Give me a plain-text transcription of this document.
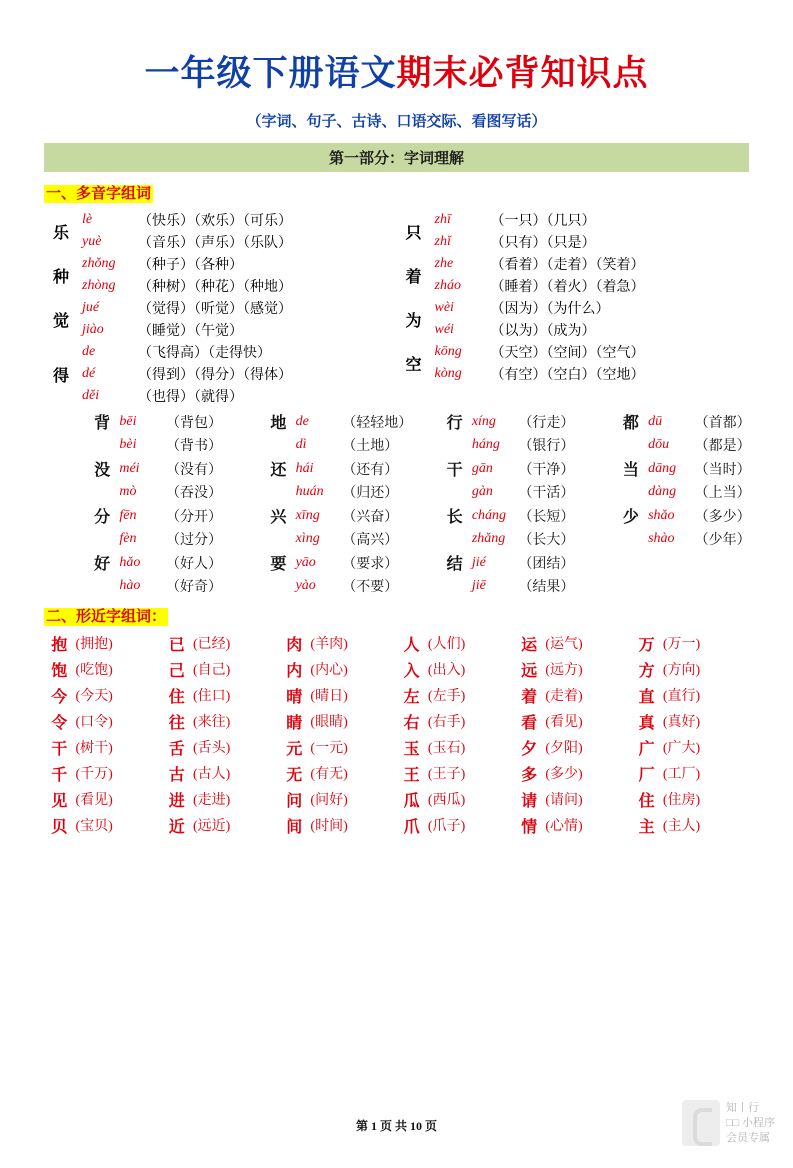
一年级下册语文期末必背知识点
（字词、句子、古诗、口语交际、看图写话）
第一部分：字词理解
一、多音字组词
乐	lè	（快乐）（欢乐）（可乐）
	yuè	（音乐）（声乐）（乐队）
种	zhǒng	（种子）（各种）
	zhòng	（种树）（种花）（种地）
觉	jué	（觉得）（听觉）（感觉）
	jiào	（睡觉）（午觉）
得	de	（飞得高）（走得快）
	dé	（得到）（得分）（得体）
	děi	（也得）（就得）
只	zhī	（一只）（几只）
	zhǐ	（只有）（只是）
着	zhe	（看着）（走着）（笑着）
	zháo	（睡着）（着火）（着急）
为	wèi	（因为）（为什么）
	wéi	（以为）（成为）
空	kōng	（天空）（空间）（空气）
	kòng	（有空）（空白）（空地）
背	bēi	（背包）	地	de	（轻轻地）	行	xíng	（行走）	都	dū	（首都）
	bèi	（背书）		dì	（土地）		háng	（银行）		dōu	（都是）
没	méi	（没有）	还	hái	（还有）	干	gān	（干净）	当	dāng	（当时）
	mò	（吞没）		huán	（归还）		gàn	（干活）		dàng	（上当）
分	fēn	（分开）	兴	xīng	（兴奋）	长	cháng	（长短）	少	shǎo	（多少）
	fèn	（过分）		xìng	（高兴）		zhǎng	（长大）		shào	（少年）
好	hǎo	（好人）	要	yāo	（要求）	结	jié	（团结）			
	hào	（好奇）		yào	（不要）		jiē	（结果）			
二、形近字组词：
抱	(拥抱)	已	(已经)	肉	(羊肉)	人	(人们)	运	(运气)	万	(万一)
饱	(吃饱)	己	(自己)	内	(内心)	入	(出入)	远	(远方)	方	(方向)
今	(今天)	住	(住口)	晴	(晴日)	左	(左手)	着	(走着)	直	(直行)
令	(口令)	往	(来往)	睛	(眼睛)	右	(右手)	看	(看见)	真	(真好)
干	(树干)	舌	(舌头)	元	(一元)	玉	(玉石)	夕	(夕阳)	广	(广大)
千	(千万)	古	(古人)	无	(有无)	王	(王子)	多	(多少)	厂	(工厂)
见	(看见)	进	(走进)	问	(问好)	瓜	(西瓜)	请	(请问)	住	(住房)
贝	(宝贝)	近	(远近)	间	(时间)	爪	(爪子)	情	(心情)	主	(主人)
第 1 页 共 10 页
知丨行
□□ 小程序
会员专属
